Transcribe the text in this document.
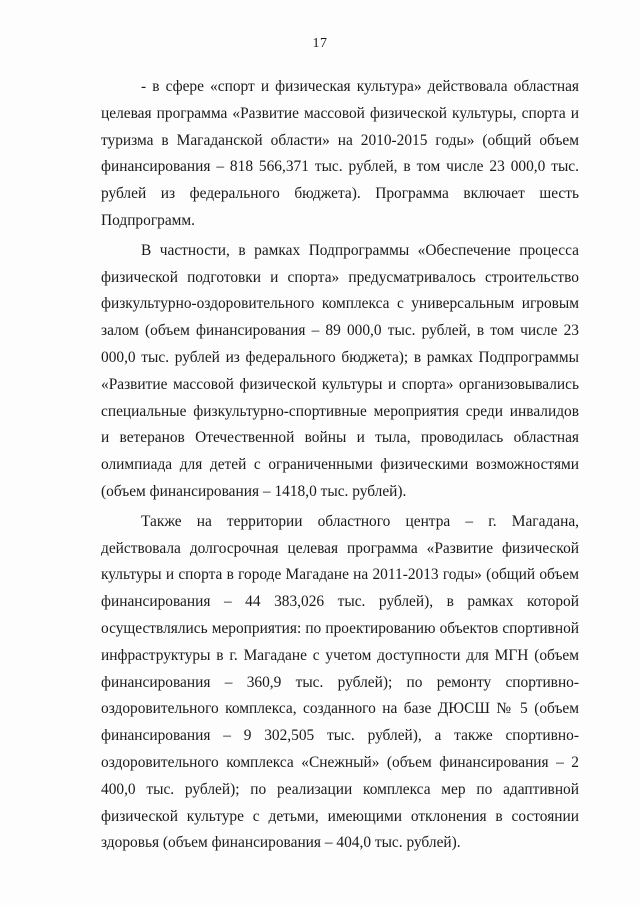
17

- в сфере «спорт и физическая культура» действовала областная целевая программа «Развитие массовой физической культуры, спорта и туризма в Магаданской области» на 2010-2015 годы» (общий объем финансирования – 818 566,371 тыс. рублей, в том числе 23 000,0 тыс. рублей из федерального бюджета). Программа включает шесть Подпрограмм.

В частности, в рамках Подпрограммы «Обеспечение процесса физической подготовки и спорта» предусматривалось строительство физкультурно-оздоровительного комплекса с универсальным игровым залом (объем финансирования – 89 000,0 тыс. рублей, в том числе 23 000,0 тыс. рублей из федерального бюджета); в рамках Подпрограммы «Развитие массовой физической культуры и спорта» организовывались специальные физкультурно-спортивные мероприятия среди инвалидов и ветеранов Отечественной войны и тыла, проводилась областная олимпиада для детей с ограниченными физическими возможностями (объем финансирования – 1418,0 тыс. рублей).

Также на территории областного центра – г. Магадана, действовала долгосрочная целевая программа «Развитие физической культуры и спорта в городе Магадане на 2011-2013 годы» (общий объем финансирования – 44 383,026 тыс. рублей), в рамках которой осуществлялись мероприятия: по проектированию объектов спортивной инфраструктуры в г. Магадане с учетом доступности для МГН (объем финансирования – 360,9 тыс. рублей); по ремонту спортивно-оздоровительного комплекса, созданного на базе ДЮСШ № 5 (объем финансирования – 9 302,505 тыс. рублей), а также спортивно-оздоровительного комплекса «Снежный» (объем финансирования – 2 400,0 тыс. рублей); по реализации комплекса мер по адаптивной физической культуре с детьми, имеющими отклонения в состоянии здоровья (объем финансирования – 404,0 тыс. рублей).
